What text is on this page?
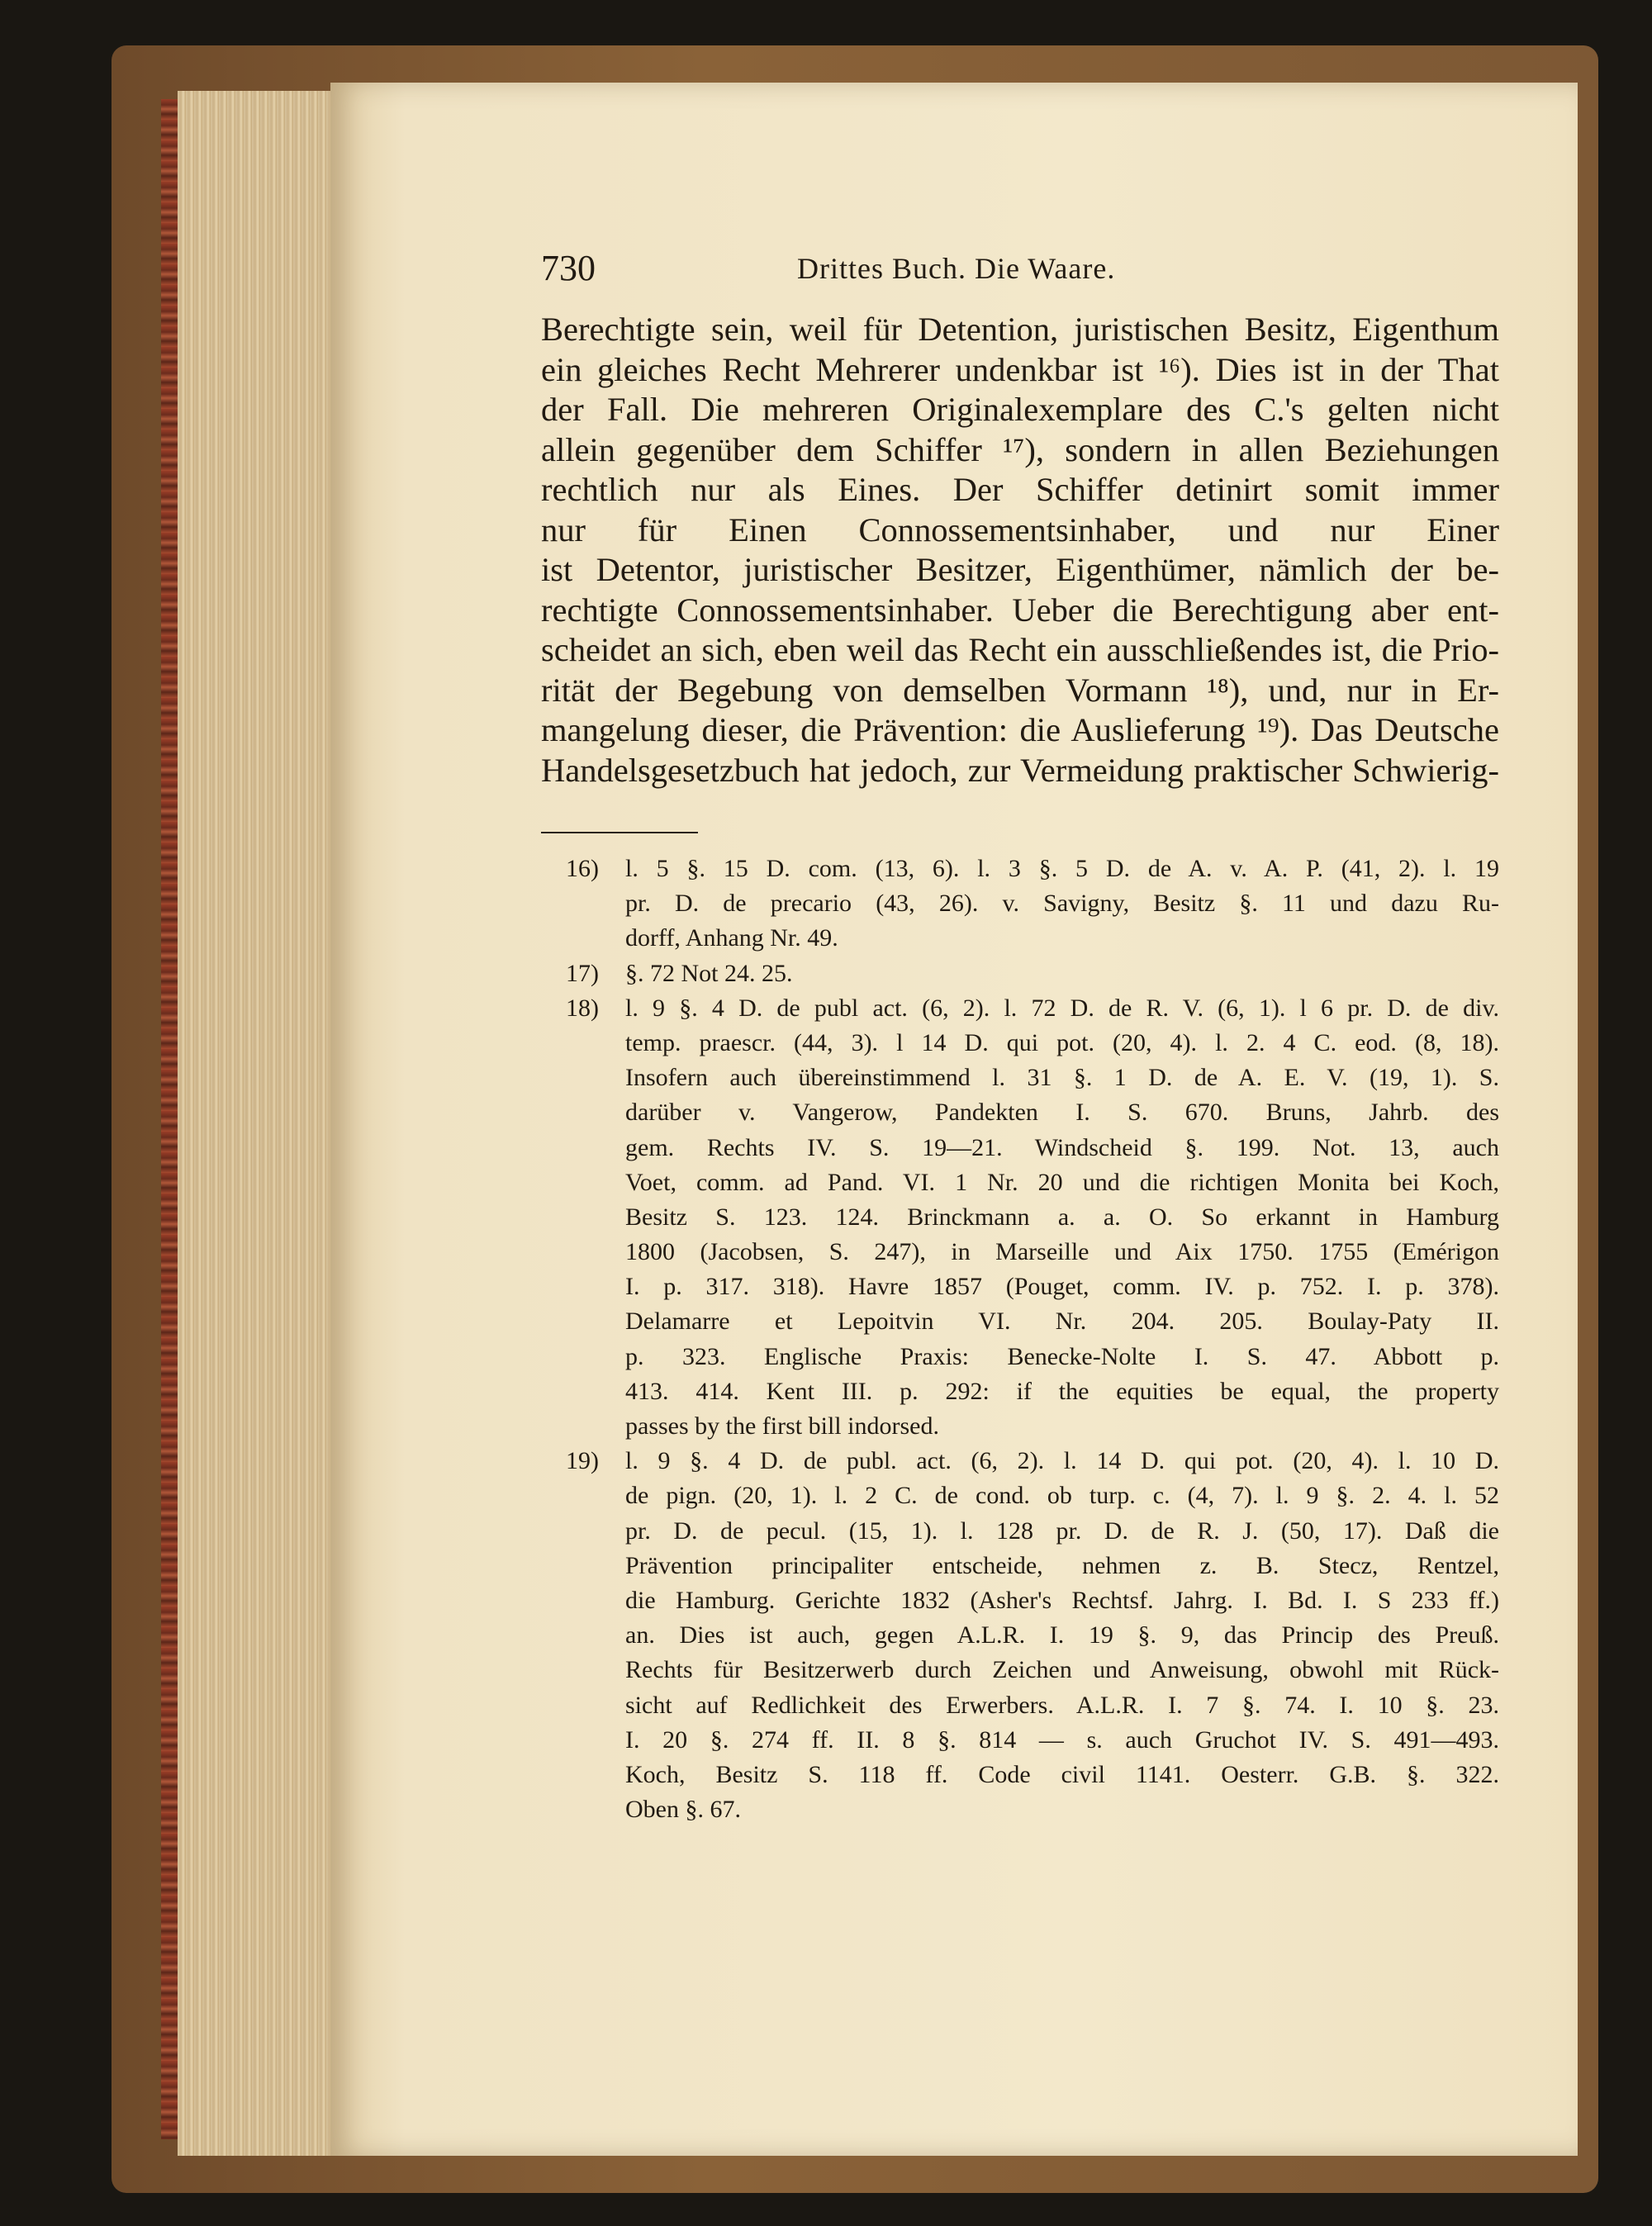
730	Drittes Buch. Die Waare.
Berechtigte sein, weil für Detention, juristischen Besitz, Eigenthum
ein gleiches Recht Mehrerer undenkbar ist ¹⁶). Dies ist in der That
der Fall. Die mehreren Originalexemplare des C.'s gelten nicht
allein gegenüber dem Schiffer ¹⁷), sondern in allen Beziehungen
rechtlich nur als Eines. Der Schiffer detinirt somit immer
nur für Einen Connossementsinhaber, und nur Einer
ist Detentor, juristischer Besitzer, Eigenthümer, nämlich der be-
rechtigte Connossementsinhaber. Ueber die Berechtigung aber ent-
scheidet an sich, eben weil das Recht ein ausschließendes ist, die Prio-
rität der Begebung von demselben Vormann ¹⁸), und, nur in Er-
mangelung dieser, die Prävention: die Auslieferung ¹⁹). Das Deutsche
Handelsgesetzbuch hat jedoch, zur Vermeidung praktischer Schwierig-
16)	l. 5 §. 15 D. com. (13, 6). l. 3 §. 5 D. de A. v. A. P. (41, 2). l. 19
pr. D. de precario (43, 26). v. Savigny, Besitz §. 11 und dazu Ru-
dorff, Anhang Nr. 49.
17)	§. 72 Not 24. 25.
18)	l. 9 §. 4 D. de publ act. (6, 2). l. 72 D. de R. V. (6, 1). l 6 pr. D. de div.
temp. praescr. (44, 3). l 14 D. qui pot. (20, 4). l. 2. 4 C. eod. (8, 18).
Insofern auch übereinstimmend l. 31 §. 1 D. de A. E. V. (19, 1). S.
darüber v. Vangerow, Pandekten I. S. 670. Bruns, Jahrb. des
gem. Rechts IV. S. 19—21. Windscheid §. 199. Not. 13, auch
Voet, comm. ad Pand. VI. 1 Nr. 20 und die richtigen Monita bei Koch,
Besitz S. 123. 124. Brinckmann a. a. O. So erkannt in Hamburg
1800 (Jacobsen, S. 247), in Marseille und Aix 1750. 1755 (Emérigon
I. p. 317. 318). Havre 1857 (Pouget, comm. IV. p. 752. I. p. 378).
Delamarre et Lepoitvin VI. Nr. 204. 205. Boulay-Paty II.
p. 323. Englische Praxis: Benecke-Nolte I. S. 47. Abbott p.
413. 414. Kent III. p. 292: if the equities be equal, the property
passes by the first bill indorsed.
19)	l. 9 §. 4 D. de publ. act. (6, 2). l. 14 D. qui pot. (20, 4). l. 10 D.
de pign. (20, 1). l. 2 C. de cond. ob turp. c. (4, 7). l. 9 §. 2. 4. l. 52
pr. D. de pecul. (15, 1). l. 128 pr. D. de R. J. (50, 17). Daß die
Prävention principaliter entscheide, nehmen z. B. Stecz, Rentzel,
die Hamburg. Gerichte 1832 (Asher's Rechtsf. Jahrg. I. Bd. I. S 233 ff.)
an. Dies ist auch, gegen A.L.R. I. 19 §. 9, das Princip des Preuß.
Rechts für Besitzerwerb durch Zeichen und Anweisung, obwohl mit Rück-
sicht auf Redlichkeit des Erwerbers. A.L.R. I. 7 §. 74. I. 10 §. 23.
I. 20 §. 274 ff. II. 8 §. 814 — s. auch Gruchot IV. S. 491—493.
Koch, Besitz S. 118 ff. Code civil 1141. Oesterr. G.B. §. 322.
Oben §. 67.
